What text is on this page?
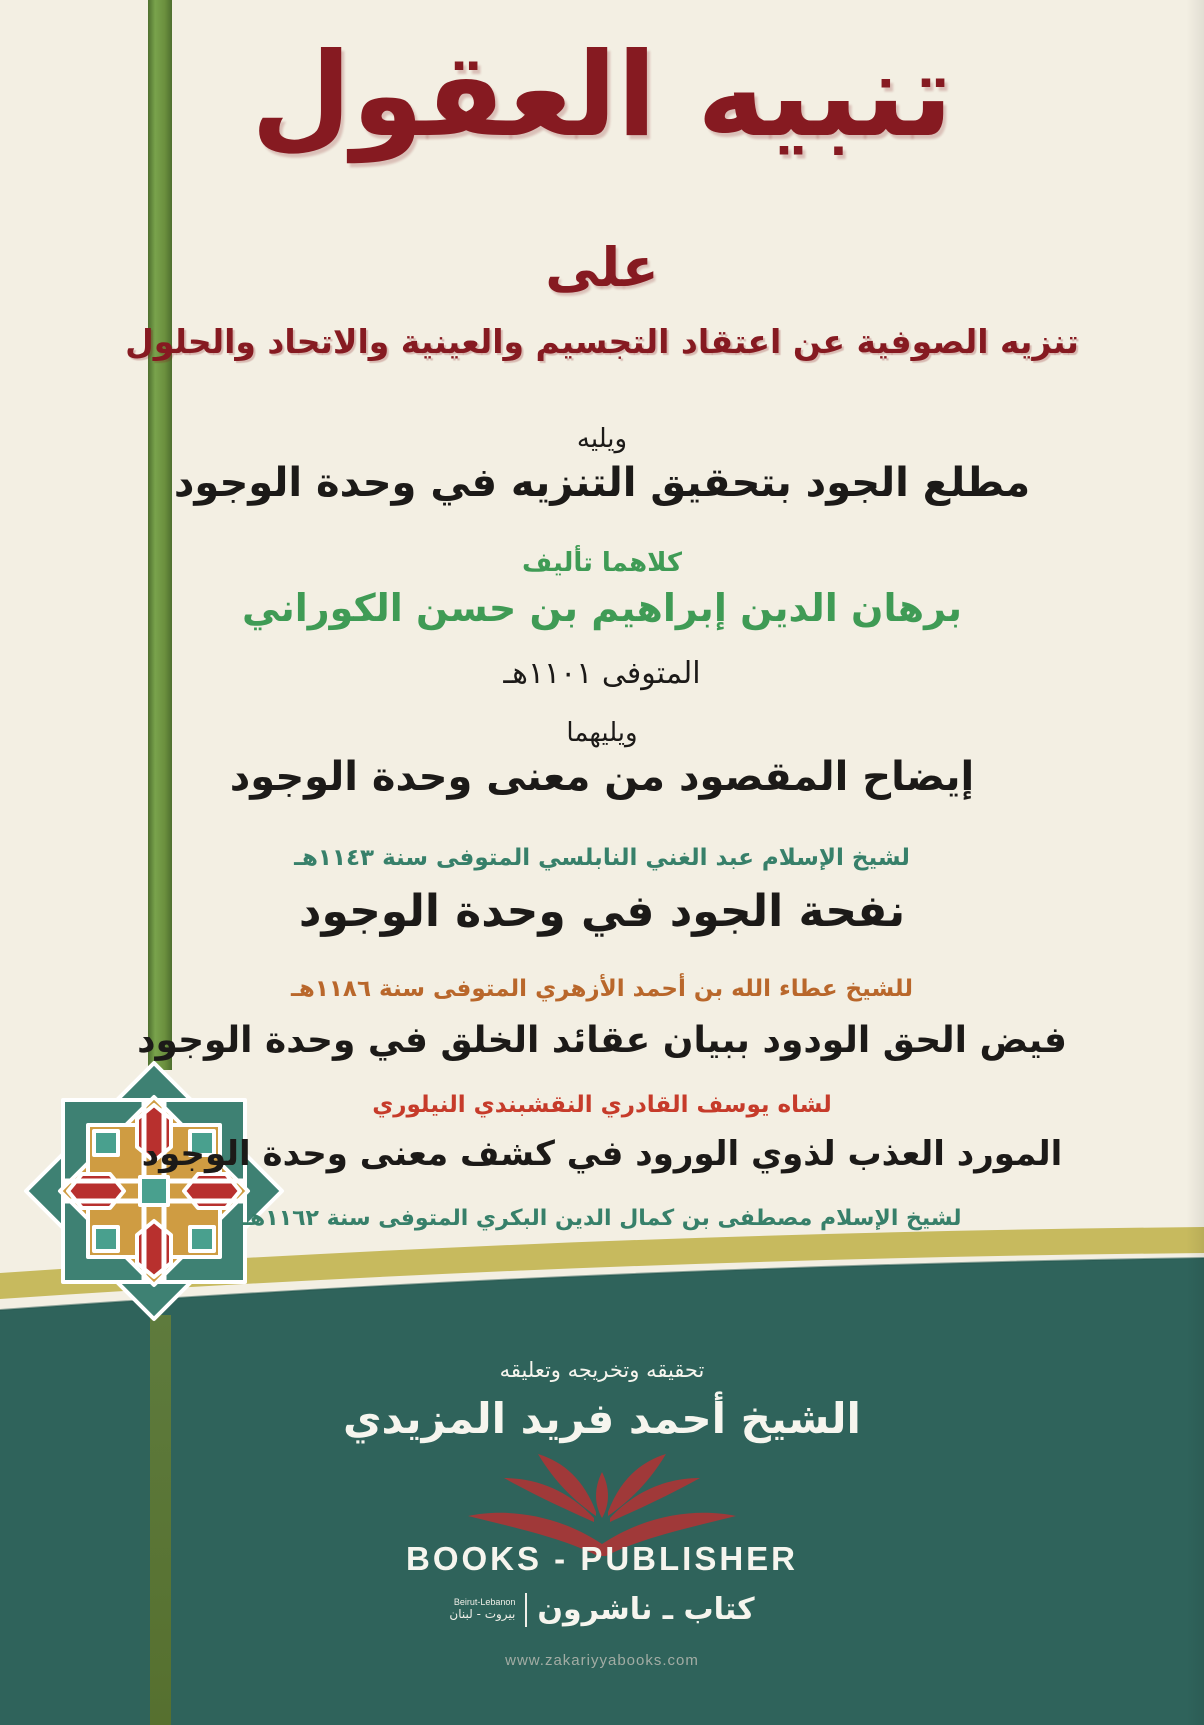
تنبيه العقول
على
تنزيه الصوفية عن اعتقاد التجسيم والعينية والاتحاد والحلول
ويليه
مطلع الجود بتحقيق التنزيه في وحدة الوجود
كلاهما تأليف
برهان الدين إبراهيم بن حسن الكوراني
المتوفى ١١٠١هـ
ويليهما
إيضاح المقصود من معنى وحدة الوجود
لشيخ الإسلام عبد الغني النابلسي المتوفى سنة ١١٤٣هـ
نفحة الجود في وحدة الوجود
للشيخ عطاء الله بن أحمد الأزهري المتوفى سنة ١١٨٦هـ
فيض الحق الودود ببيان عقائد الخلق في وحدة الوجود
لشاه يوسف القادري النقشبندي النيلوري
المورد العذب لذوي الورود في كشف معنى وحدة الوجود
لشيخ الإسلام مصطفى بن كمال الدين البكري المتوفى سنة ١١٦٢هـ
تحقيقه وتخريجه وتعليقه
الشيخ أحمد فريد المزيدي
BOOKS - PUBLISHER
Beirut-Lebanon
بيروت - لبنان كتاب ـ ناشرون
www.zakariyyabooks.com
